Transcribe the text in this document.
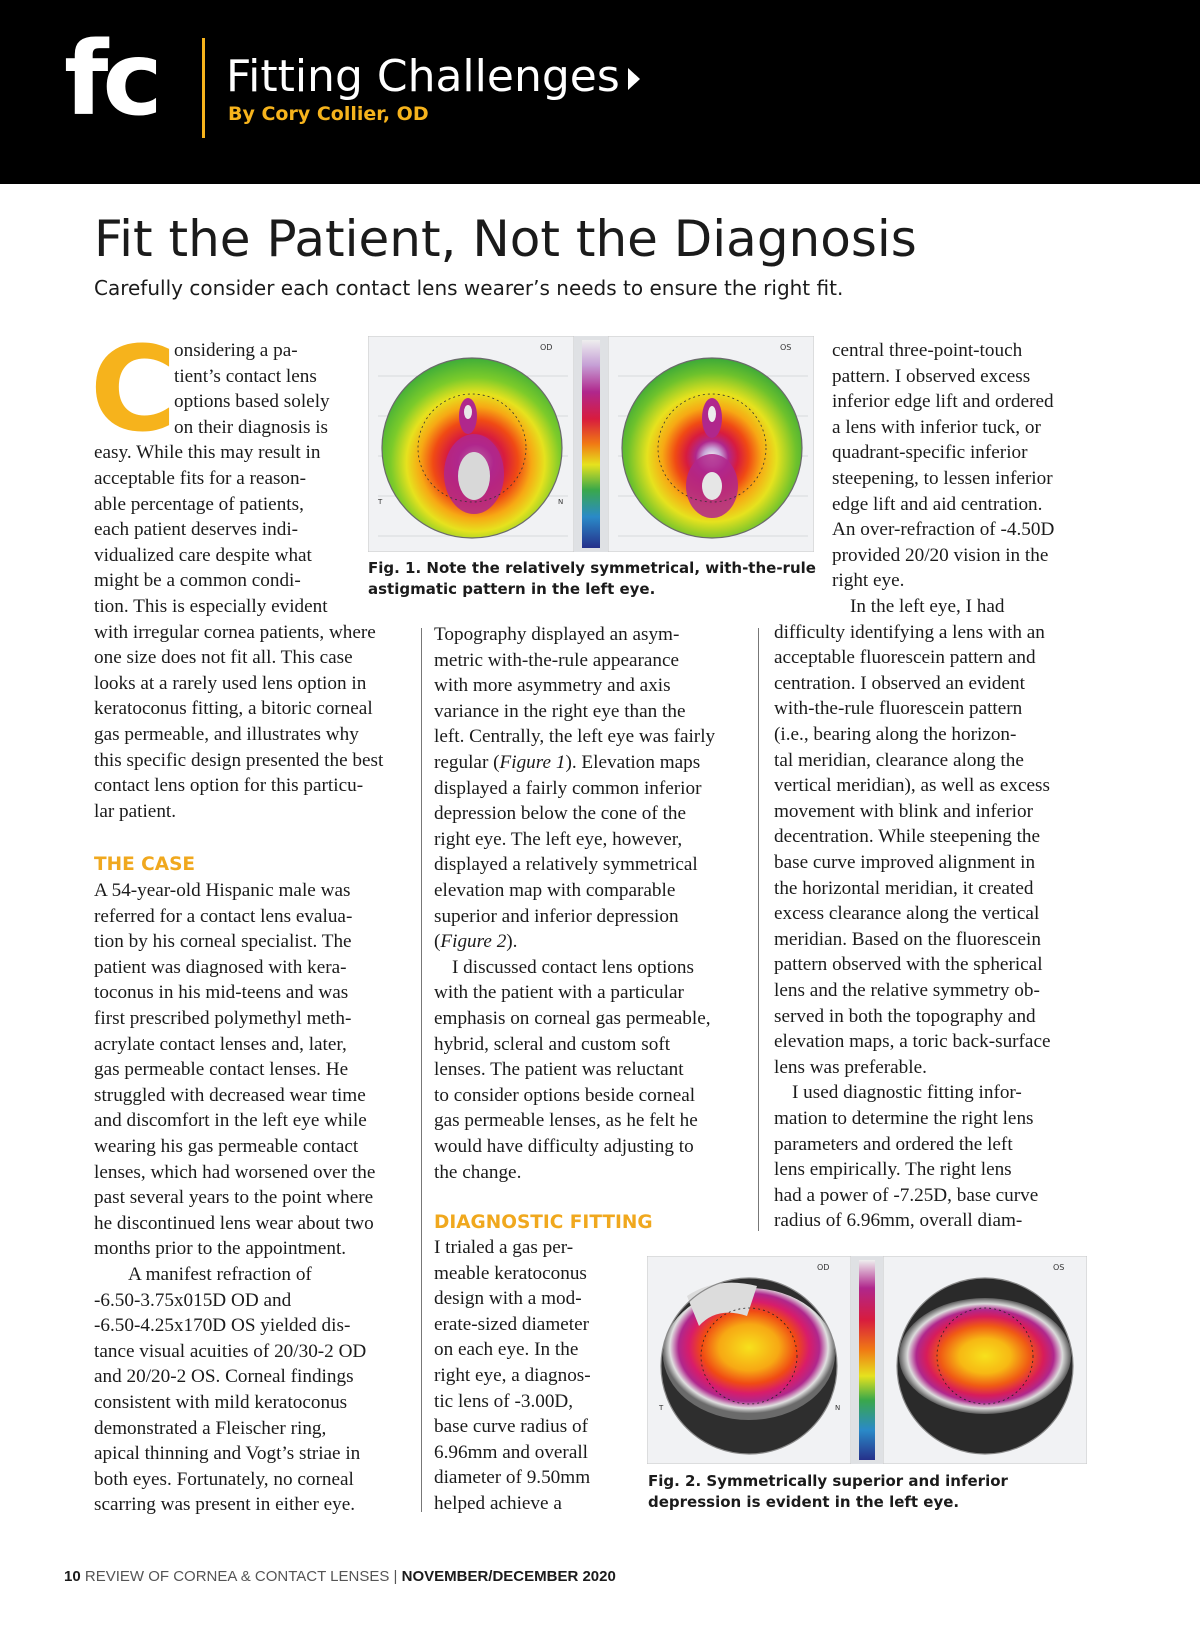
fc Fitting Challenges
By Cory Collier, OD
Fit the Patient, Not the Diagnosis
Carefully consider each contact lens wearer’s needs to ensure the right fit.
C	OD	OS
T	N
Fig. 1. Note the relatively symmetrical, with-the-rule
astigmatic pattern in the left eye.
OD	OS
T	N
Fig. 2. Symmetrically superior and inferior
depression is evident in the left eye.
onsidering a pa-
tient’s contact lens
options based solely
on their diagnosis is
easy. While this may result in
acceptable fits for a reason-
able percentage of patients,
each patient deserves indi-
vidualized care despite what
might be a common condi-
tion. This is especially evident
with irregular cornea patients, where
one size does not fit all. This case
looks at a rarely used lens option in
keratoconus fitting, a bitoric corneal
gas permeable, and illustrates why
this specific design presented the best
contact lens option for this particu-
lar patient.
THE CASE
A 54-year-old Hispanic male was
referred for a contact lens evalua-
tion by his corneal specialist. The
patient was diagnosed with kera-
toconus in his mid-teens and was
first prescribed polymethyl meth-
acrylate contact lenses and, later,
gas permeable contact lenses. He
struggled with decreased wear time
and discomfort in the left eye while
wearing his gas permeable contact
lenses, which had worsened over the
past several years to the point where
he discontinued lens wear about two
months prior to the appointment.
A manifest refraction of
-6.50-3.75x015D OD and
-6.50-4.25x170D OS yielded dis-
tance visual acuities of 20/30-2 OD
and 20/20-2 OS. Corneal findings
consistent with mild keratoconus
demonstrated a Fleischer ring,
apical thinning and Vogt’s striae in
both eyes. Fortunately, no corneal
scarring was present in either eye.
Topography displayed an asym-
metric with-the-rule appearance
with more asymmetry and axis
variance in the right eye than the
left. Centrally, the left eye was fairly
regular (Figure 1). Elevation maps
displayed a fairly common inferior
depression below the cone of the
right eye. The left eye, however,
displayed a relatively symmetrical
elevation map with comparable
superior and inferior depression
(Figure 2).
I discussed contact lens options
with the patient with a particular
emphasis on corneal gas permeable,
hybrid, scleral and custom soft
lenses. The patient was reluctant
to consider options beside corneal
gas permeable lenses, as he felt he
would have difficulty adjusting to
the change.
DIAGNOSTIC FITTING
I trialed a gas per-
meable keratoconus
design with a mod-
erate-sized diameter
on each eye. In the
right eye, a diagnos-
tic lens of -3.00D,
base curve radius of
6.96mm and overall
diameter of 9.50mm
helped achieve a
central three-point-touch
pattern. I observed excess
inferior edge lift and ordered
a lens with inferior tuck, or
quadrant-specific inferior
steepening, to lessen inferior
edge lift and aid centration.
An over-refraction of -4.50D
provided 20/20 vision in the
right eye.
In the left eye, I had
difficulty identifying a lens with an
acceptable fluorescein pattern and
centration. I observed an evident
with-the-rule fluorescein pattern
(i.e., bearing along the horizon-
tal meridian, clearance along the
vertical meridian), as well as excess
movement with blink and inferior
decentration. While steepening the
base curve improved alignment in
the horizontal meridian, it created
excess clearance along the vertical
meridian. Based on the fluorescein
pattern observed with the spherical
lens and the relative symmetry ob-
served in both the topography and
elevation maps, a toric back-surface
lens was preferable.
I used diagnostic fitting infor-
mation to determine the right lens
parameters and ordered the left
lens empirically. The right lens
had a power of -7.25D, base curve
radius of 6.96mm, overall diam-
10 REVIEW OF CORNEA & CONTACT LENSES | NOVEMBER/DECEMBER 2020
